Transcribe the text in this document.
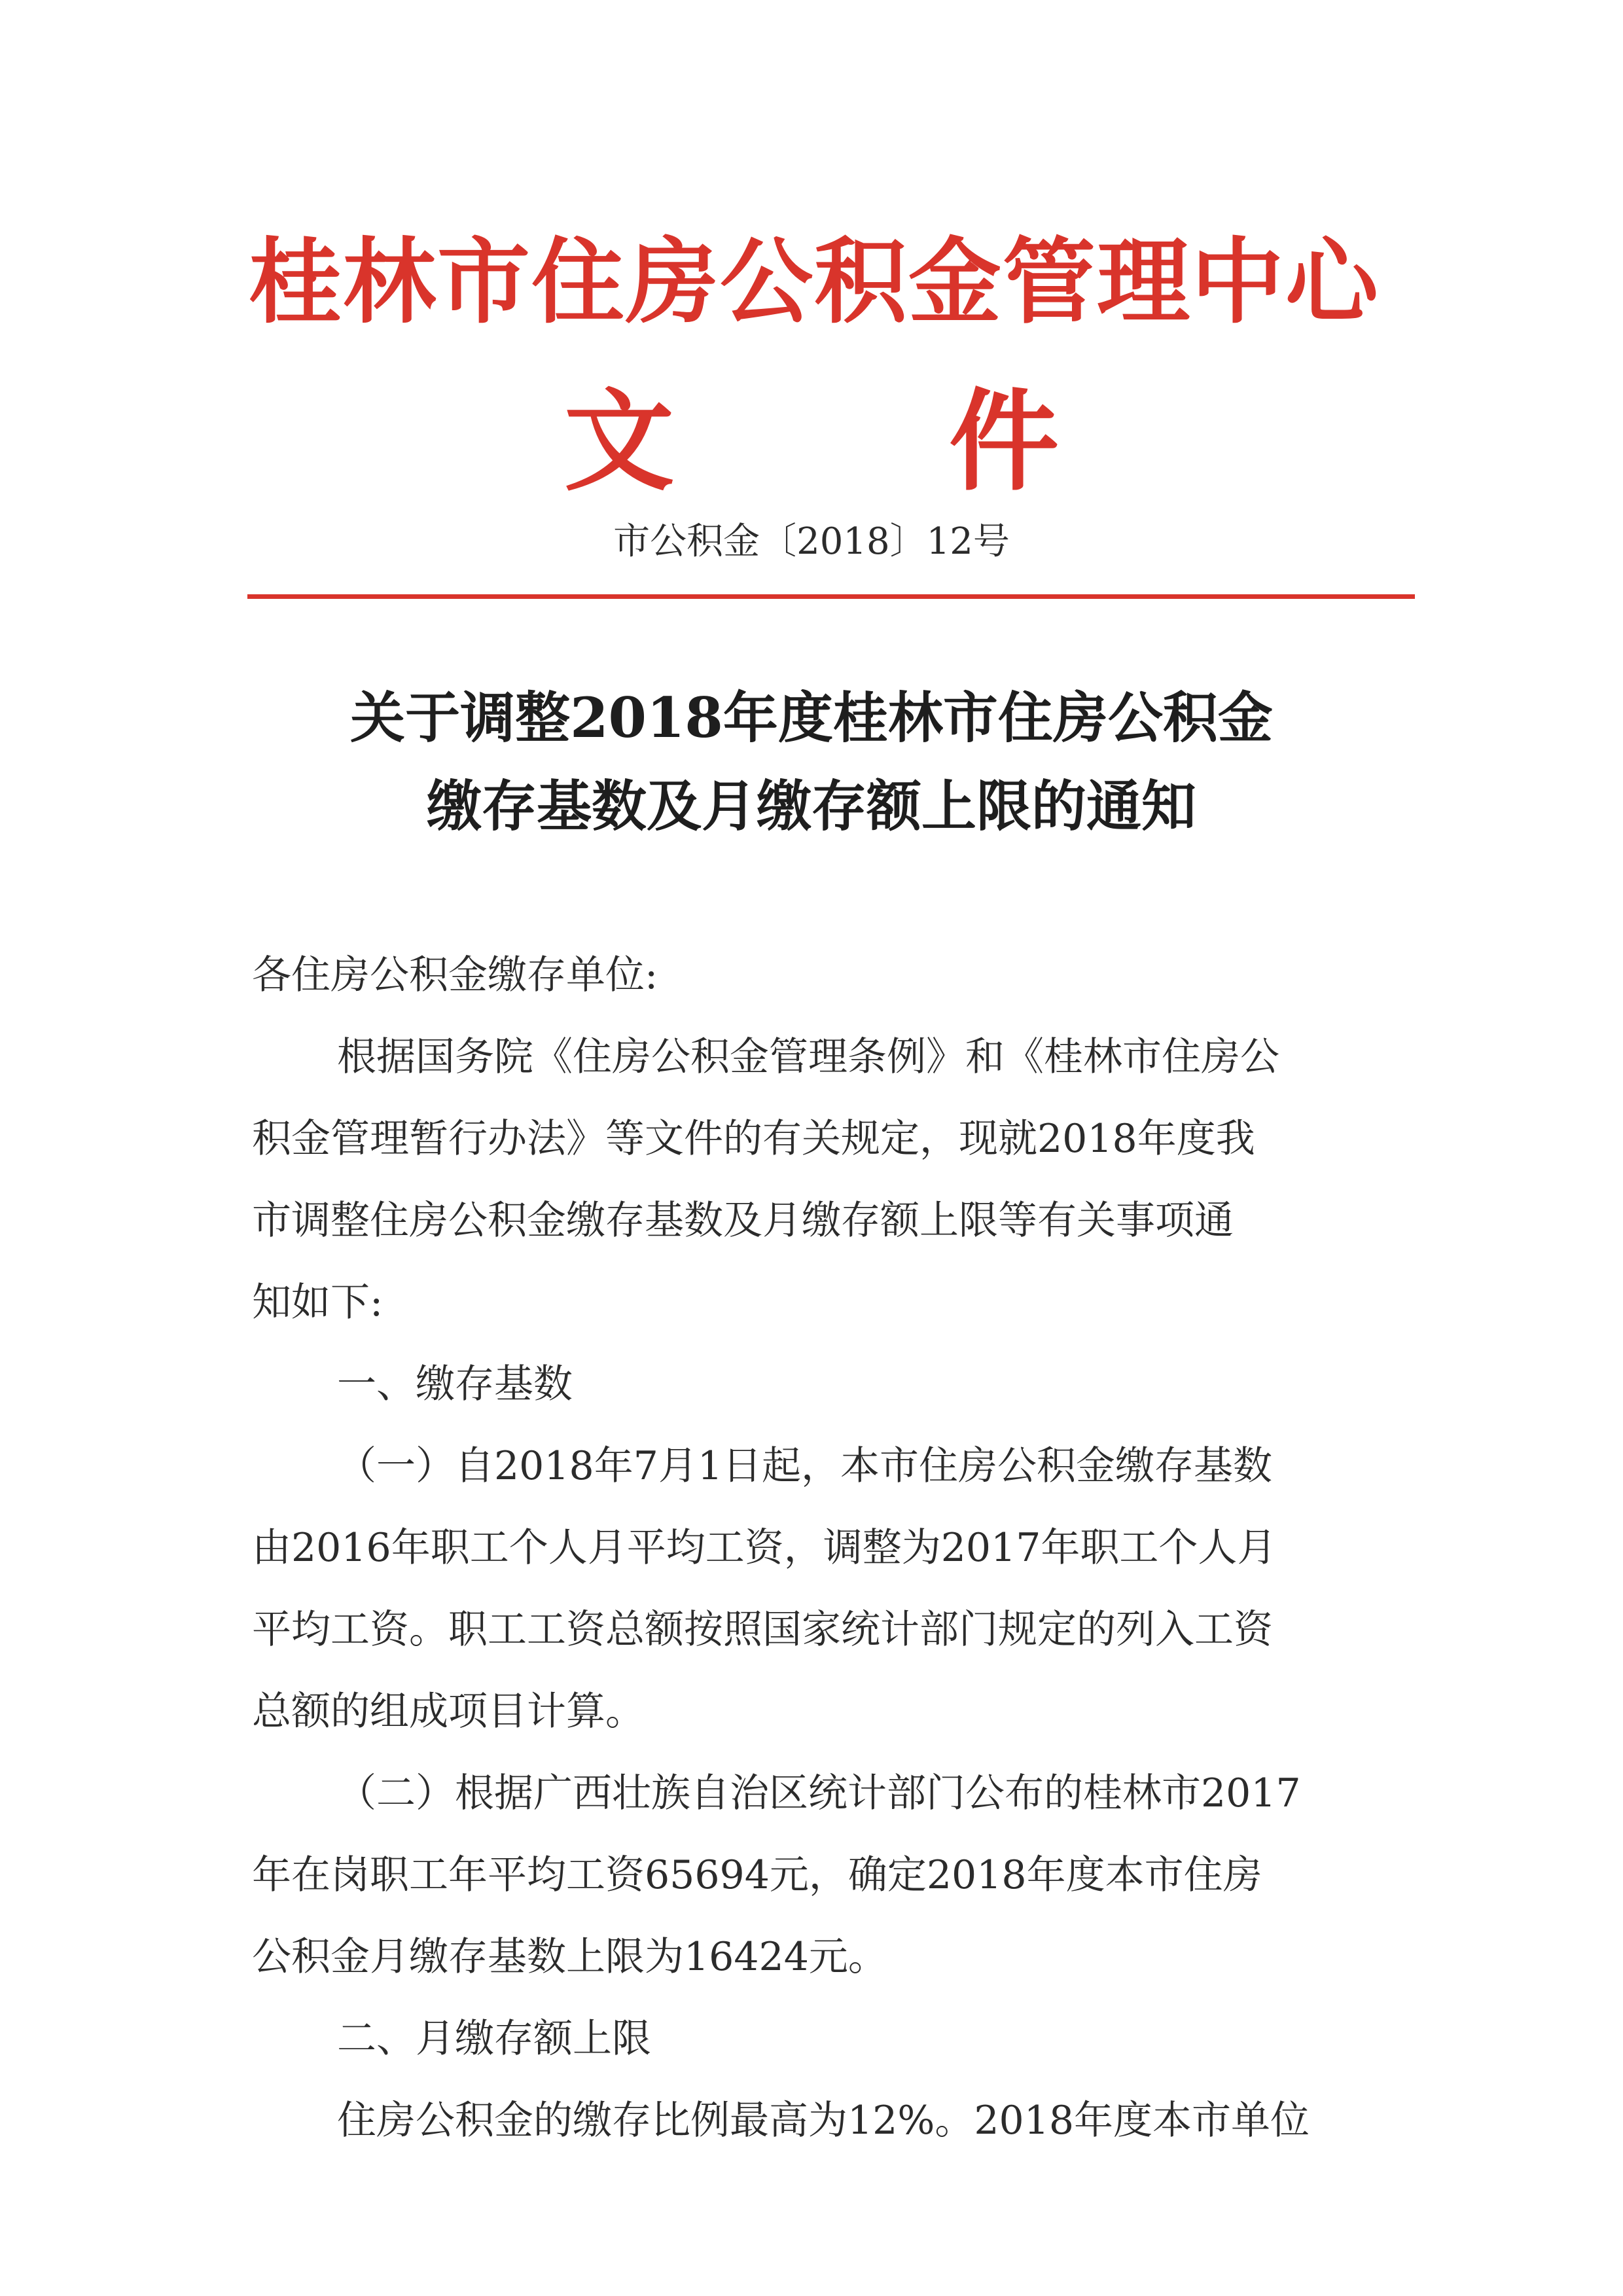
桂林市住房公积金管理中心
文	件
市公积金〔2018〕12号
关于调整2018年度桂林市住房公积金
缴存基数及月缴存额上限的通知
各住房公积金缴存单位:
根据国务院《住房公积金管理条例》和《桂林市住房公
积金管理暂行办法》等文件的有关规定，现就2018年度我
市调整住房公积金缴存基数及月缴存额上限等有关事项通
知如下:
一、缴存基数
（一）自2018年7月1日起，本市住房公积金缴存基数
由2016年职工个人月平均工资，调整为2017年职工个人月
平均工资。职工工资总额按照国家统计部门规定的列入工资
总额的组成项目计算。
（二）根据广西壮族自治区统计部门公布的桂林市2017
年在岗职工年平均工资65694元，确定2018年度本市住房
公积金月缴存基数上限为16424元。
二、月缴存额上限
住房公积金的缴存比例最高为12%。2018年度本市单位
